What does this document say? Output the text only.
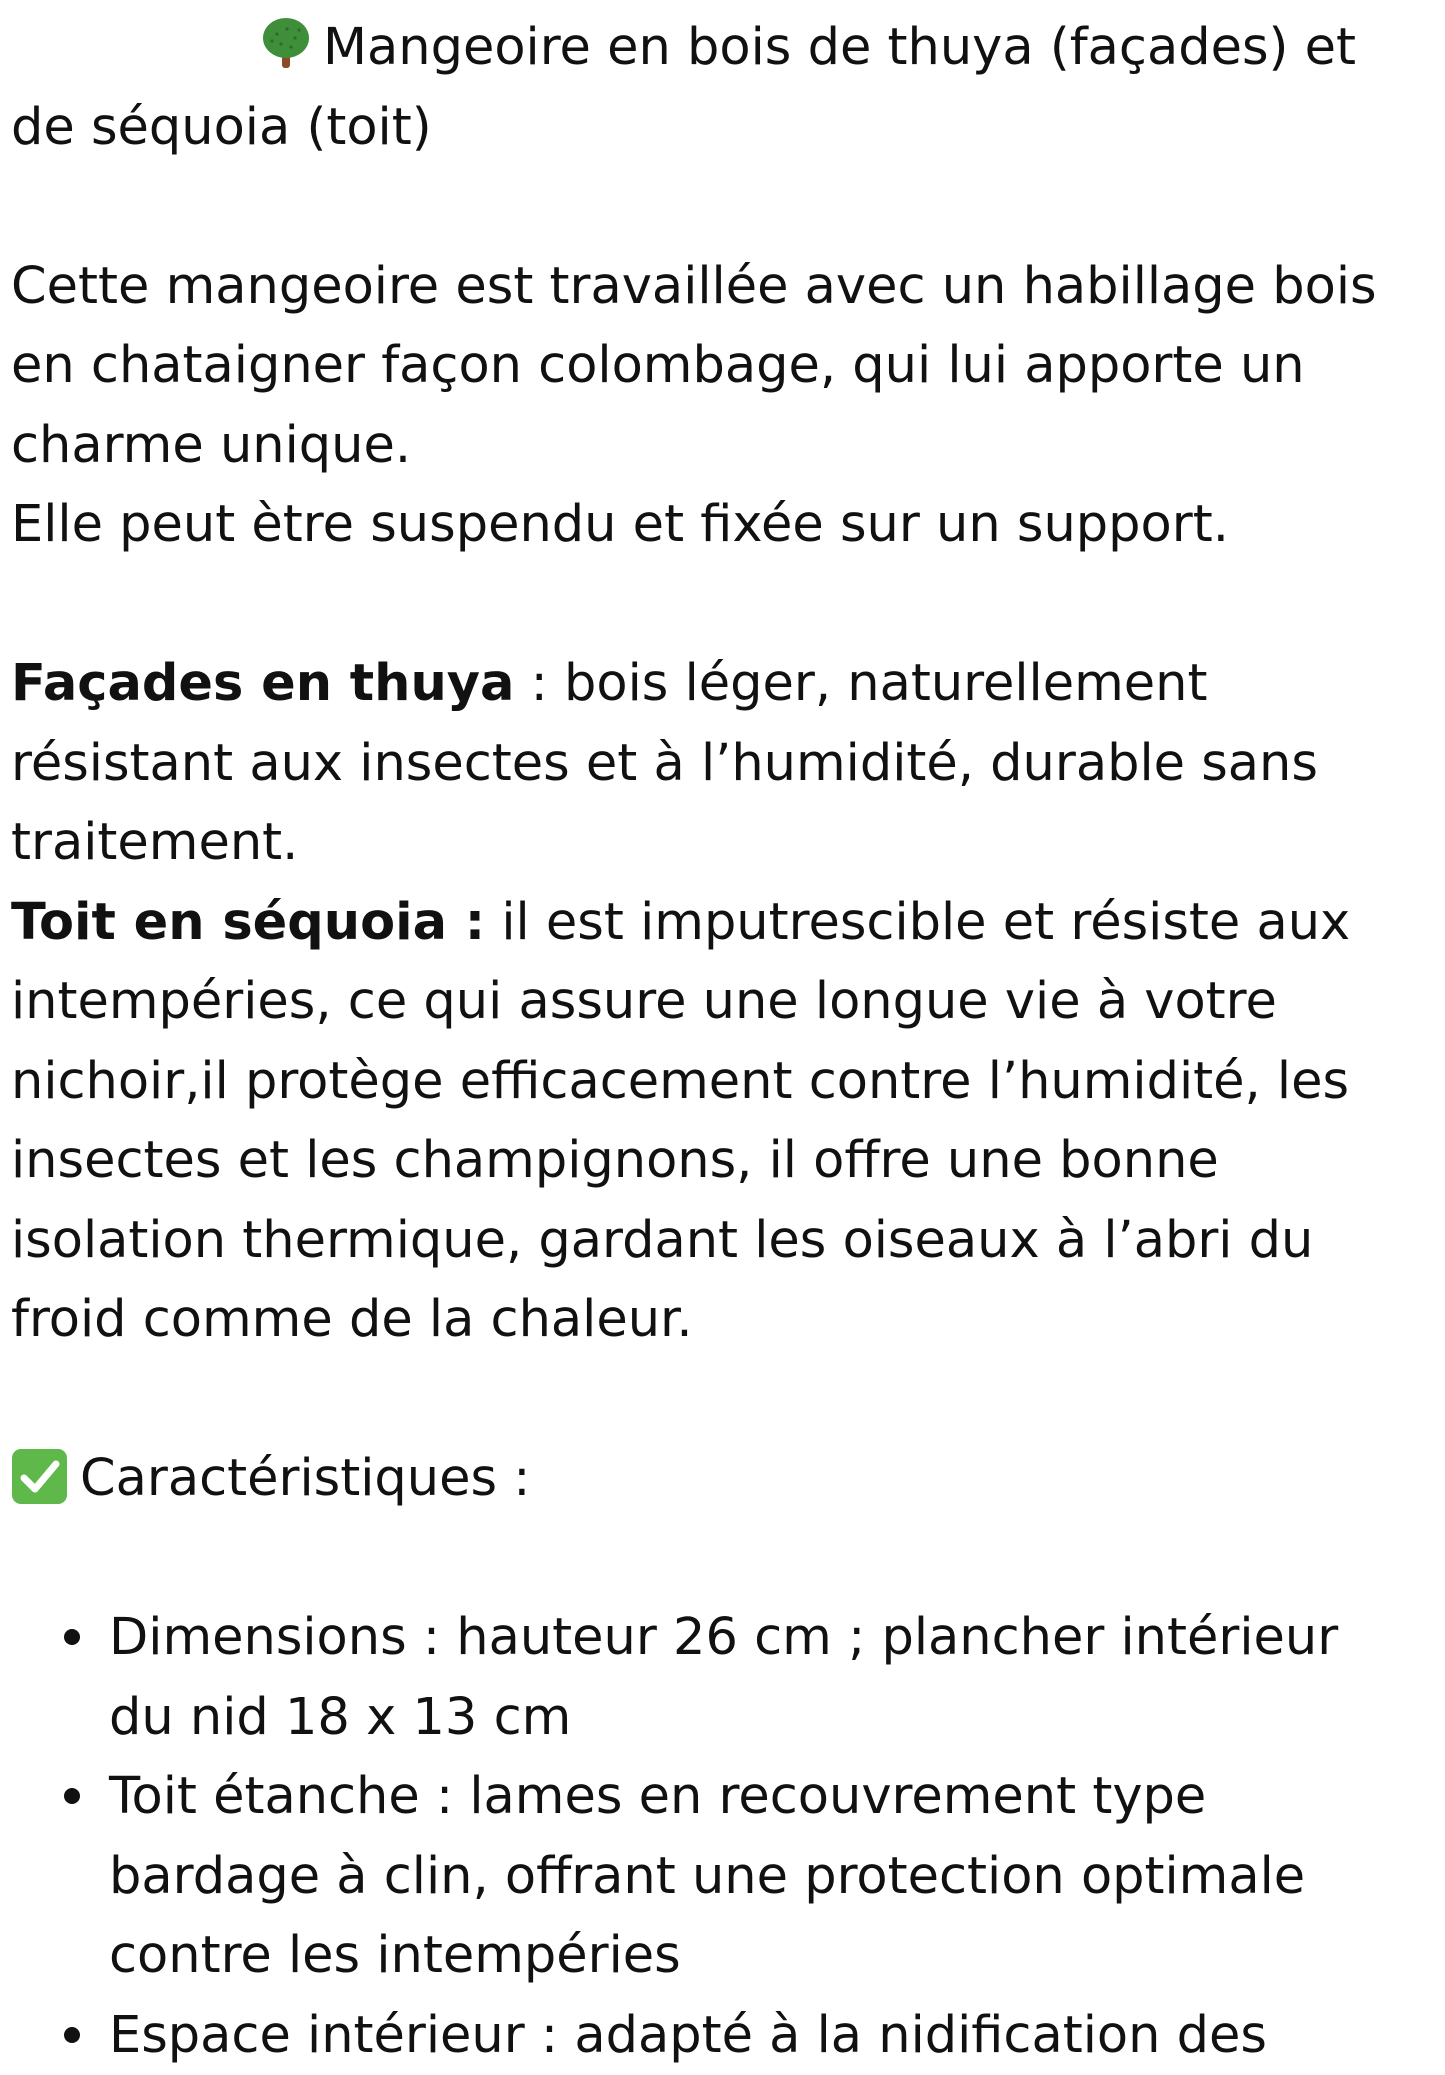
Mangeoire en bois de thuya (façades) et
de séquoia (toit)
Cette mangeoire est travaillée avec un habillage bois
en chataigner façon colombage, qui lui apporte un
charme unique.
Elle peut ètre suspendu et fixée sur un support.
Façades en thuya : bois léger, naturellement
résistant aux insectes et à l’humidité, durable sans
traitement.
Toit en séquoia : il est imputrescible et résiste aux
intempéries, ce qui assure une longue vie à votre
nichoir,il protège efficacement contre l’humidité, les
insectes et les champignons, il offre une bonne
isolation thermique, gardant les oiseaux à l’abri du
froid comme de la chaleur.
Caractéristiques :
Dimensions : hauteur 26 cm ; plancher intérieur
du nid 18 x 13 cm
Toit étanche : lames en recouvrement type
bardage à clin, offrant une protection optimale
contre les intempéries
Espace intérieur : adapté à la nidification des
